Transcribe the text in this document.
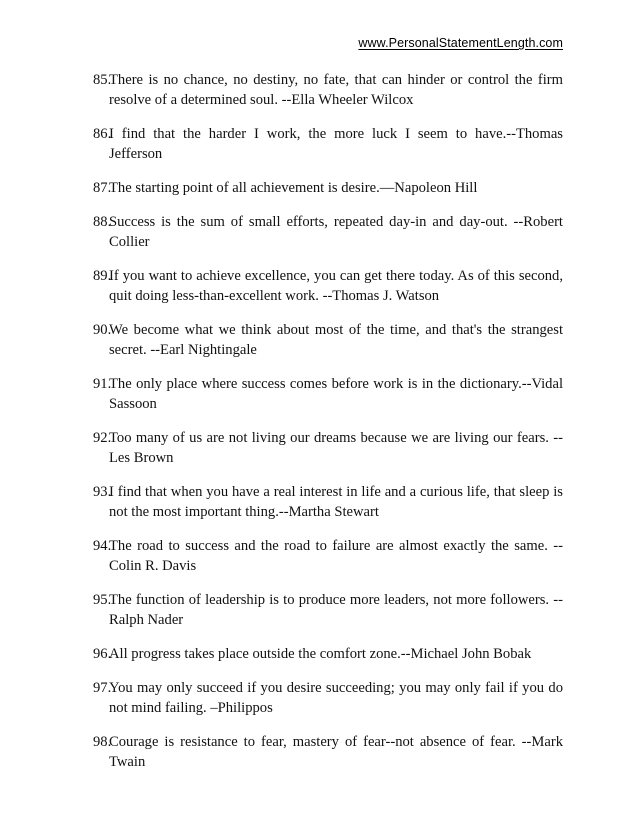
www.PersonalStatementLength.com
85.
There is no chance, no destiny, no fate, that can hinder or control the firm resolve of a determined soul. --Ella Wheeler Wilcox
86.
I find that the harder I work, the more luck I seem to have.--Thomas Jefferson
87.
The starting point of all achievement is desire.—Napoleon Hill
88.
Success is the sum of small efforts, repeated day-in and day-out. --Robert Collier
89.
If you want to achieve excellence, you can get there today. As of this second, quit doing less-than-excellent work. --Thomas J. Watson
90.
We become what we think about most of the time, and that's the strangest secret. --Earl Nightingale
91.
The only place where success comes before work is in the dictionary.--Vidal Sassoon
92.
Too many of us are not living our dreams because we are living our fears. --Les Brown
93.
I find that when you have a real interest in life and a curious life, that sleep is not the most important thing.--Martha Stewart
94.
The road to success and the road to failure are almost exactly the same. --Colin R. Davis
95.
The function of leadership is to produce more leaders, not more followers. --Ralph Nader
96.
All progress takes place outside the comfort zone.--Michael John Bobak
97.
You may only succeed if you desire succeeding; you may only fail if you do not mind failing. –Philippos
98.
Courage is resistance to fear, mastery of fear--not absence of fear. --Mark Twain
